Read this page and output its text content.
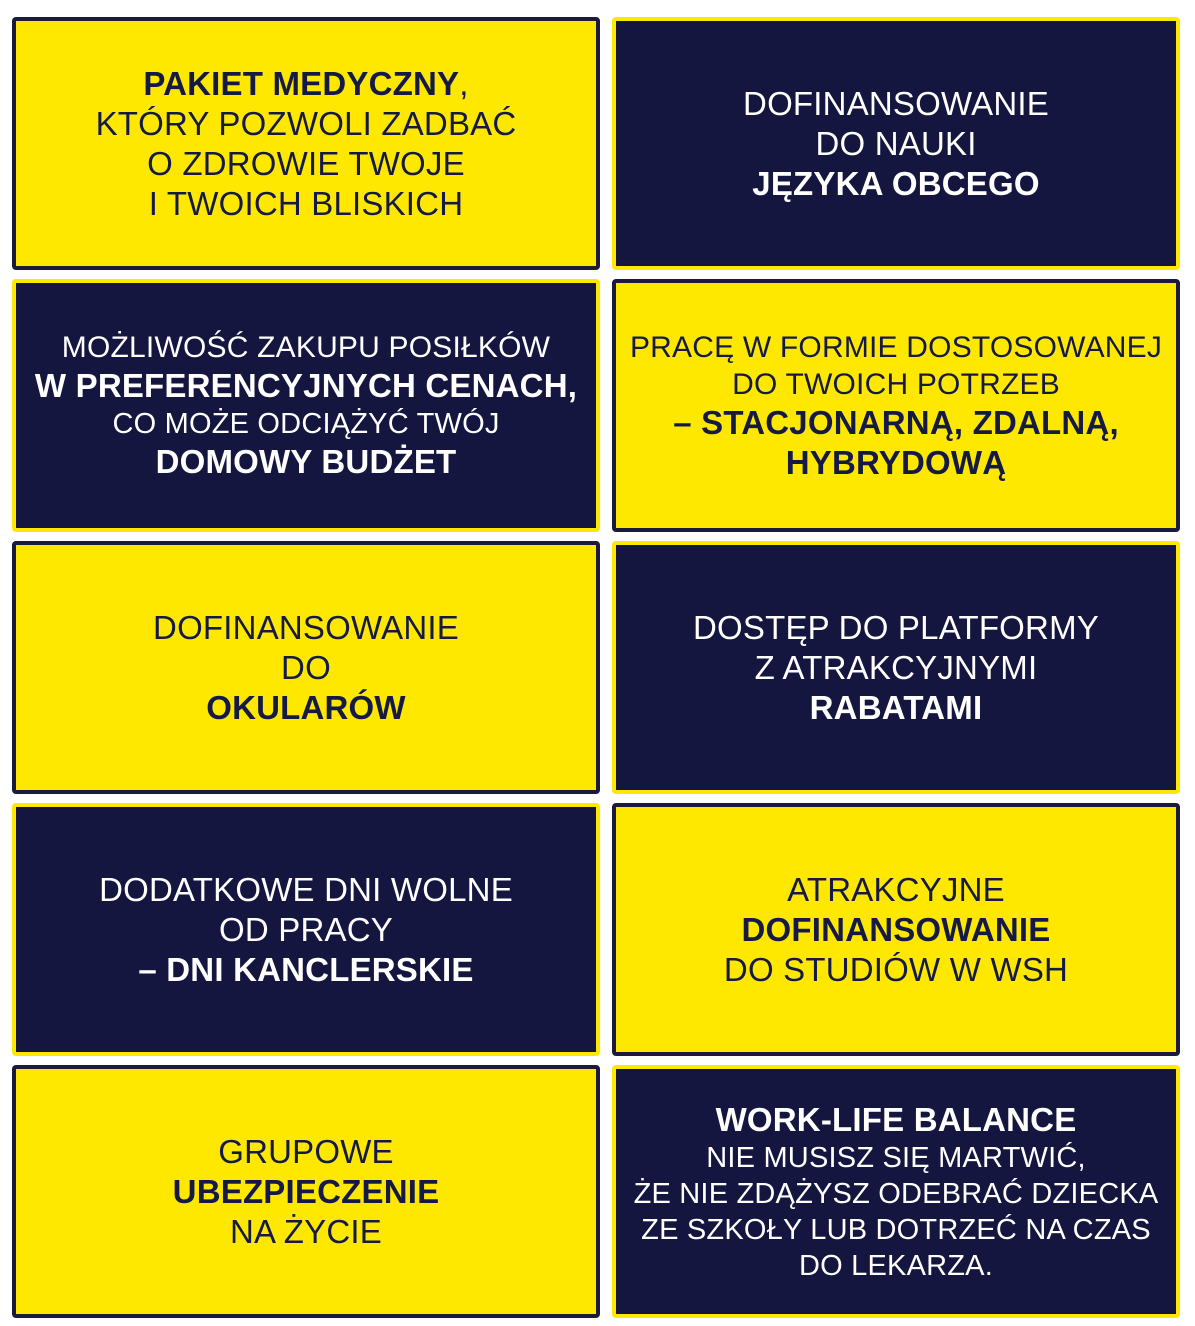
PAKIET MEDYCZNY,
KTÓRY POZWOLI ZADBAĆ
O ZDROWIE TWOJE
I TWOICH BLISKICH
DOFINANSOWANIE
DO NAUKI
JĘZYKA OBCEGO
MOŻLIWOŚĆ ZAKUPU POSIŁKÓW
W PREFERENCYJNYCH CENACH,
CO MOŻE ODCIĄŻYĆ TWÓJ
DOMOWY BUDŻET
PRACĘ W FORMIE DOSTOSOWANEJ
DO TWOICH POTRZEB
– STACJONARNĄ, ZDALNĄ,
HYBRYDOWĄ
DOFINANSOWANIE
DO
OKULARÓW
DOSTĘP DO PLATFORMY
Z ATRAKCYJNYMI
RABATAMI
DODATKOWE DNI WOLNE
OD PRACY
– DNI KANCLERSKIE
ATRAKCYJNE
DOFINANSOWANIE
DO STUDIÓW W WSH
GRUPOWE
UBEZPIECZENIE
NA ŻYCIE
WORK-LIFE BALANCE
NIE MUSISZ SIĘ MARTWIĆ,
ŻE NIE ZDĄŻYSZ ODEBRAĆ DZIECKA
ZE SZKOŁY LUB DOTRZEĆ NA CZAS
DO LEKARZA.
